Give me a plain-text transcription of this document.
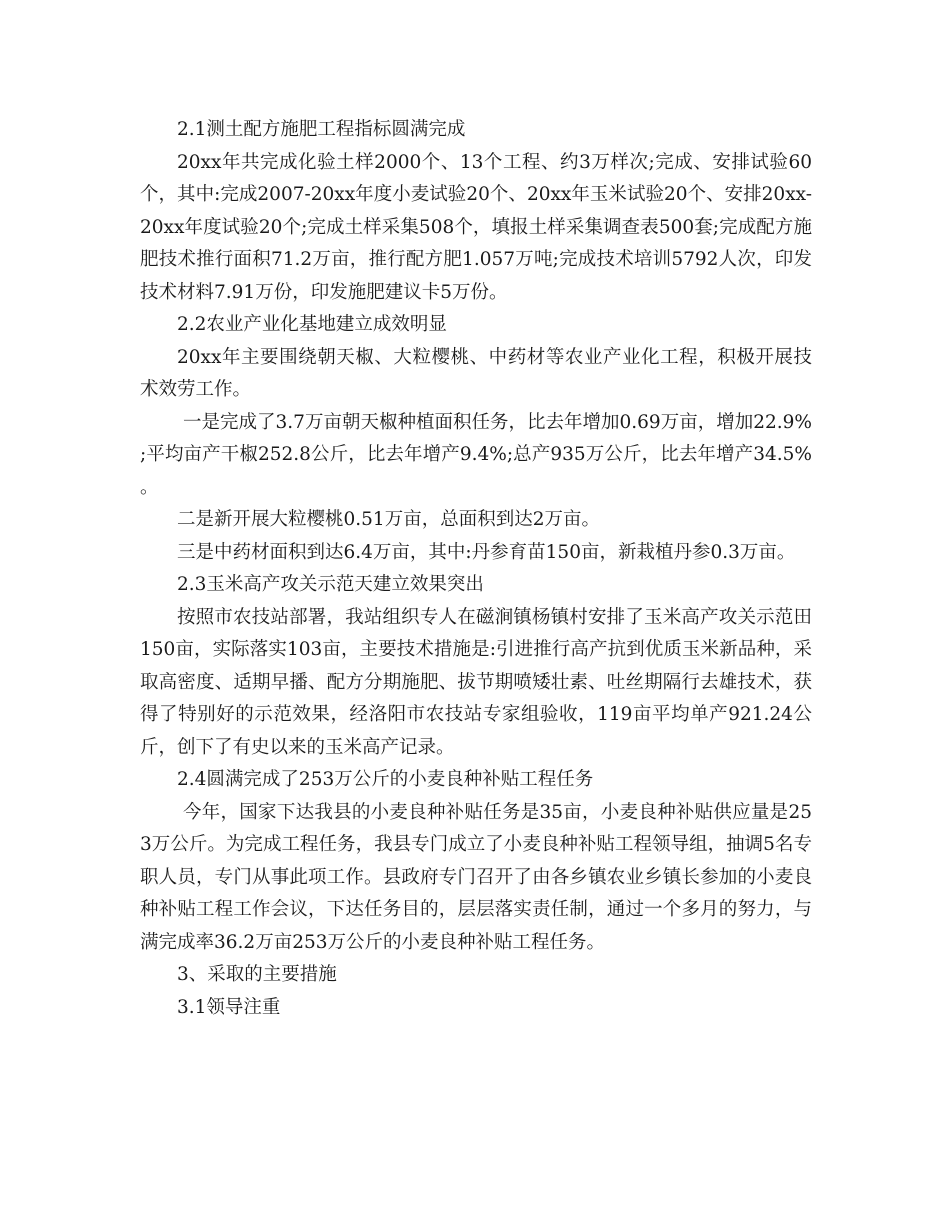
2.1测土配方施肥工程指标圆满完成

20xx年共完成化验土样2000个、13个工程、约3万样次;完成、安排试验60个，其中:完成2007-20xx年度小麦试验20个、20xx年玉米试验20个、安排20xx-20xx年度试验20个;完成土样采集508个，填报土样采集调查表500套;完成配方施肥技术推行面积71.2万亩，推行配方肥1.057万吨;完成技术培训5792人次，印发技术材料7.91万份，印发施肥建议卡5万份。

2.2农业产业化基地建立成效明显

20xx年主要围绕朝天椒、大粒樱桃、中药材等农业产业化工程，积极开展技术效劳工作。

一是完成了3.7万亩朝天椒种植面积任务，比去年增加0.69万亩，增加22.9%;平均亩产干椒252.8公斤，比去年增产9.4%;总产935万公斤，比去年增产34.5%。

二是新开展大粒樱桃0.51万亩，总面积到达2万亩。

三是中药材面积到达6.4万亩，其中:丹参育苗150亩，新栽植丹参0.3万亩。

2.3玉米高产攻关示范天建立效果突出

按照市农技站部署，我站组织专人在磁涧镇杨镇村安排了玉米高产攻关示范田150亩，实际落实103亩，主要技术措施是:引进推行高产抗到优质玉米新品种，采取高密度、适期早播、配方分期施肥、拔节期喷矮壮素、吐丝期隔行去雄技术，获得了特别好的示范效果，经洛阳市农技站专家组验收，119亩平均单产921.24公斤，创下了有史以来的玉米高产记录。

2.4圆满完成了253万公斤的小麦良种补贴工程任务

今年，国家下达我县的小麦良种补贴任务是35亩，小麦良种补贴供应量是253万公斤。为完成工程任务，我县专门成立了小麦良种补贴工程领导组，抽调5名专职人员，专门从事此项工作。县政府专门召开了由各乡镇农业乡镇长参加的小麦良种补贴工程工作会议，下达任务目的，层层落实责任制，通过一个多月的努力，与满完成率36.2万亩253万公斤的小麦良种补贴工程任务。

3、采取的主要措施

3.1领导注重
